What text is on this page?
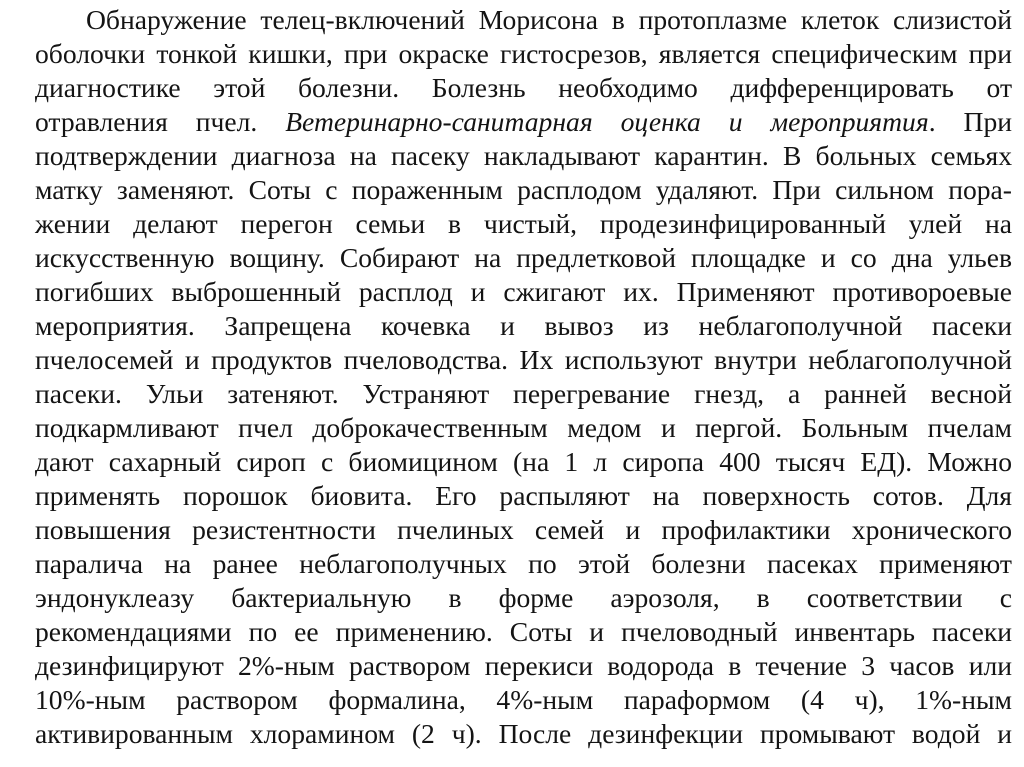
Обнаружение телец-включений Морисона в протоплазме клеток слизистой
оболочки тонкой кишки, при окраске гистосрезов, является специфическим при
диагностике этой болезни. Болезнь необходимо дифференцировать от
отравления пчел. Ветеринарно-санитарная оценка и мероприятия. При
подтверждении диагноза на пасеку накладывают карантин. В больных семьях
матку заменяют. Соты с пораженным расплодом удаляют. При сильном пора-
жении делают перегон семьи в чистый, продезинфицированный улей на
искусственную вощину. Собирают на предлетковой площадке и со дна ульев
погибших выброшенный расплод и сжигают их. Применяют противороевые
мероприятия. Запрещена кочевка и вывоз из неблагополучной пасеки
пчелосемей и продуктов пчеловодства. Их используют внутри неблагополучной
пасеки. Ульи затеняют. Устраняют перегревание гнезд, а ранней весной
подкармливают пчел доброкачественным медом и пергой. Больным пчелам
дают сахарный сироп с биомицином (на 1 л сиропа 400 тысяч ЕД). Можно
применять порошок биовита. Его распыляют на поверхность сотов. Для
повышения резистентности пчелиных семей и профилактики хронического
паралича на ранее неблагополучных по этой болезни пасеках применяют
эндонуклеазу бактериальную в форме аэрозоля, в соответствии с
рекомендациями по ее применению. Соты и пчеловодный инвентарь пасеки
дезинфицируют 2%-ным раствором перекиси водорода в течение 3 часов или
10%-ным раствором формалина, 4%-ным параформом (4 ч), 1%-ным
активированным хлорамином (2 ч). После дезинфекции промывают водой и
